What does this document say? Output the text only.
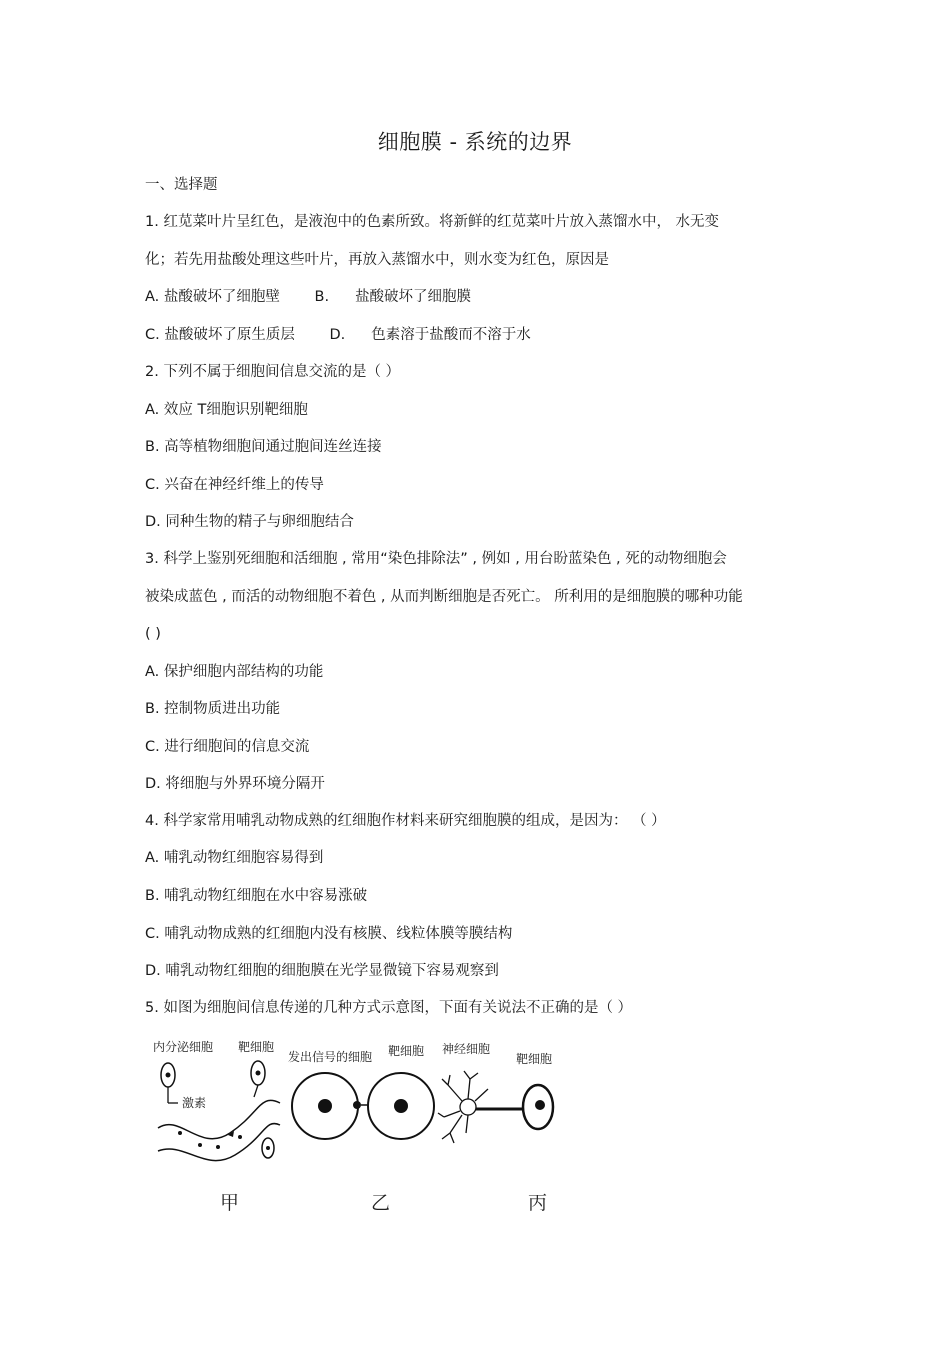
细胞膜 - 系统的边界
一、选择题
1. 红苋菜叶片呈红色，是液泡中的色素所致。将新鲜的红苋菜叶片放入蒸馏水中， 水无变
化；若先用盐酸处理这些叶片，再放入蒸馏水中，则水变为红色，原因是
A. 盐酸破坏了细胞壁 B. 盐酸破坏了细胞膜
C. 盐酸破坏了原生质层 D. 色素溶于盐酸而不溶于水
2. 下列不属于细胞间信息交流的是（ ）
A. 效应 T细胞识别靶细胞
B. 高等植物细胞间通过胞间连丝连接
C. 兴奋在神经纤维上的传导
D. 同种生物的精子与卵细胞结合
3. 科学上鉴别死细胞和活细胞 , 常用“染色排除法” , 例如 , 用台盼蓝染色 , 死的动物细胞会
被染成蓝色 , 而活的动物细胞不着色 , 从而判断细胞是否死亡。 所利用的是细胞膜的哪种功能
( )
A. 保护细胞内部结构的功能
B. 控制物质进出功能
C. 进行细胞间的信息交流
D. 将细胞与外界环境分隔开
4. 科学家常用哺乳动物成熟的红细胞作材料来研究细胞膜的组成，是因为： （ ）
A. 哺乳动物红细胞容易得到
B. 哺乳动物红细胞在水中容易涨破
C. 哺乳动物成熟的红细胞内没有核膜、线粒体膜等膜结构
D. 哺乳动物红细胞的细胞膜在光学显微镜下容易观察到
5. 如图为细胞间信息传递的几种方式示意图，下面有关说法不正确的是（ ）
内分泌细胞 靶细胞
激素
甲
发出信号的细胞 靶细胞
乙
神经细胞
靶细胞
丙
